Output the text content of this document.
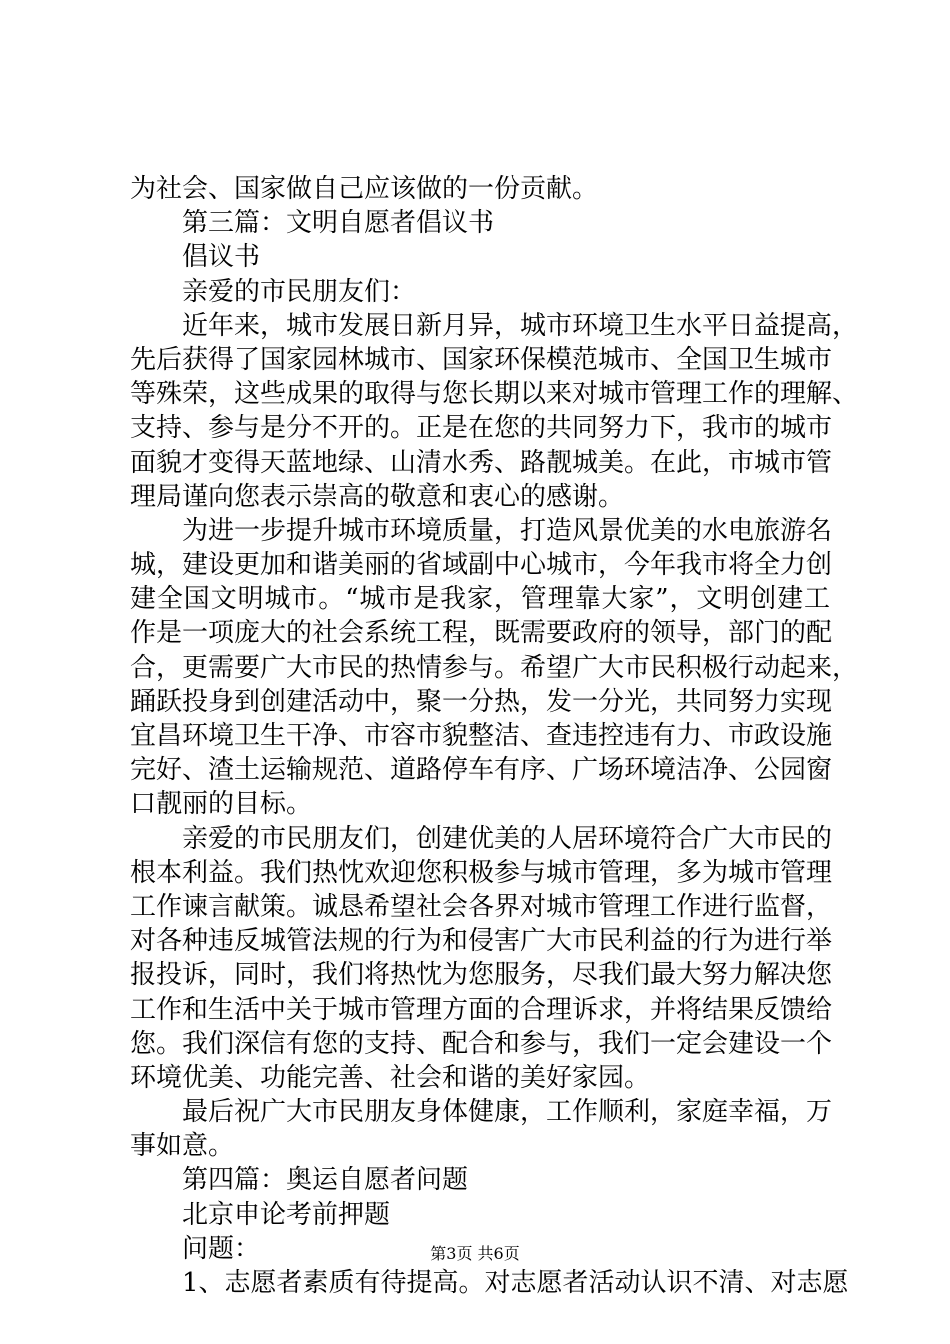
为社会、国家做自己应该做的一份贡献。
第三篇：文明自愿者倡议书
倡议书
亲爱的市民朋友们：
近年来，城市发展日新月异，城市环境卫生水平日益提高，
先后获得了国家园林城市、国家环保模范城市、全国卫生城市
等殊荣，这些成果的取得与您长期以来对城市管理工作的理解、
支持、参与是分不开的。正是在您的共同努力下，我市的城市
面貌才变得天蓝地绿、山清水秀、路靓城美。在此，市城市管
理局谨向您表示崇高的敬意和衷心的感谢。
为进一步提升城市环境质量，打造风景优美的水电旅游名
城，建设更加和谐美丽的省域副中心城市，今年我市将全力创
建全国文明城市。“城市是我家，管理靠大家”，文明创建工
作是一项庞大的社会系统工程，既需要政府的领导，部门的配
合，更需要广大市民的热情参与。希望广大市民积极行动起来，
踊跃投身到创建活动中，聚一分热，发一分光，共同努力实现
宜昌环境卫生干净、市容市貌整洁、查违控违有力、市政设施
完好、渣土运输规范、道路停车有序、广场环境洁净、公园窗
口靓丽的目标。
亲爱的市民朋友们，创建优美的人居环境符合广大市民的
根本利益。我们热忱欢迎您积极参与城市管理，多为城市管理
工作谏言献策。诚恳希望社会各界对城市管理工作进行监督，
对各种违反城管法规的行为和侵害广大市民利益的行为进行举
报投诉，同时，我们将热忱为您服务，尽我们最大努力解决您
工作和生活中关于城市管理方面的合理诉求，并将结果反馈给
您。我们深信有您的支持、配合和参与，我们一定会建设一个
环境优美、功能完善、社会和谐的美好家园。
最后祝广大市民朋友身体健康，工作顺利，家庭幸福，万
事如意。
第四篇：奥运自愿者问题
北京申论考前押题
问题：
1、志愿者素质有待提高。对志愿者活动认识不清、对志愿
第3页 共6页
